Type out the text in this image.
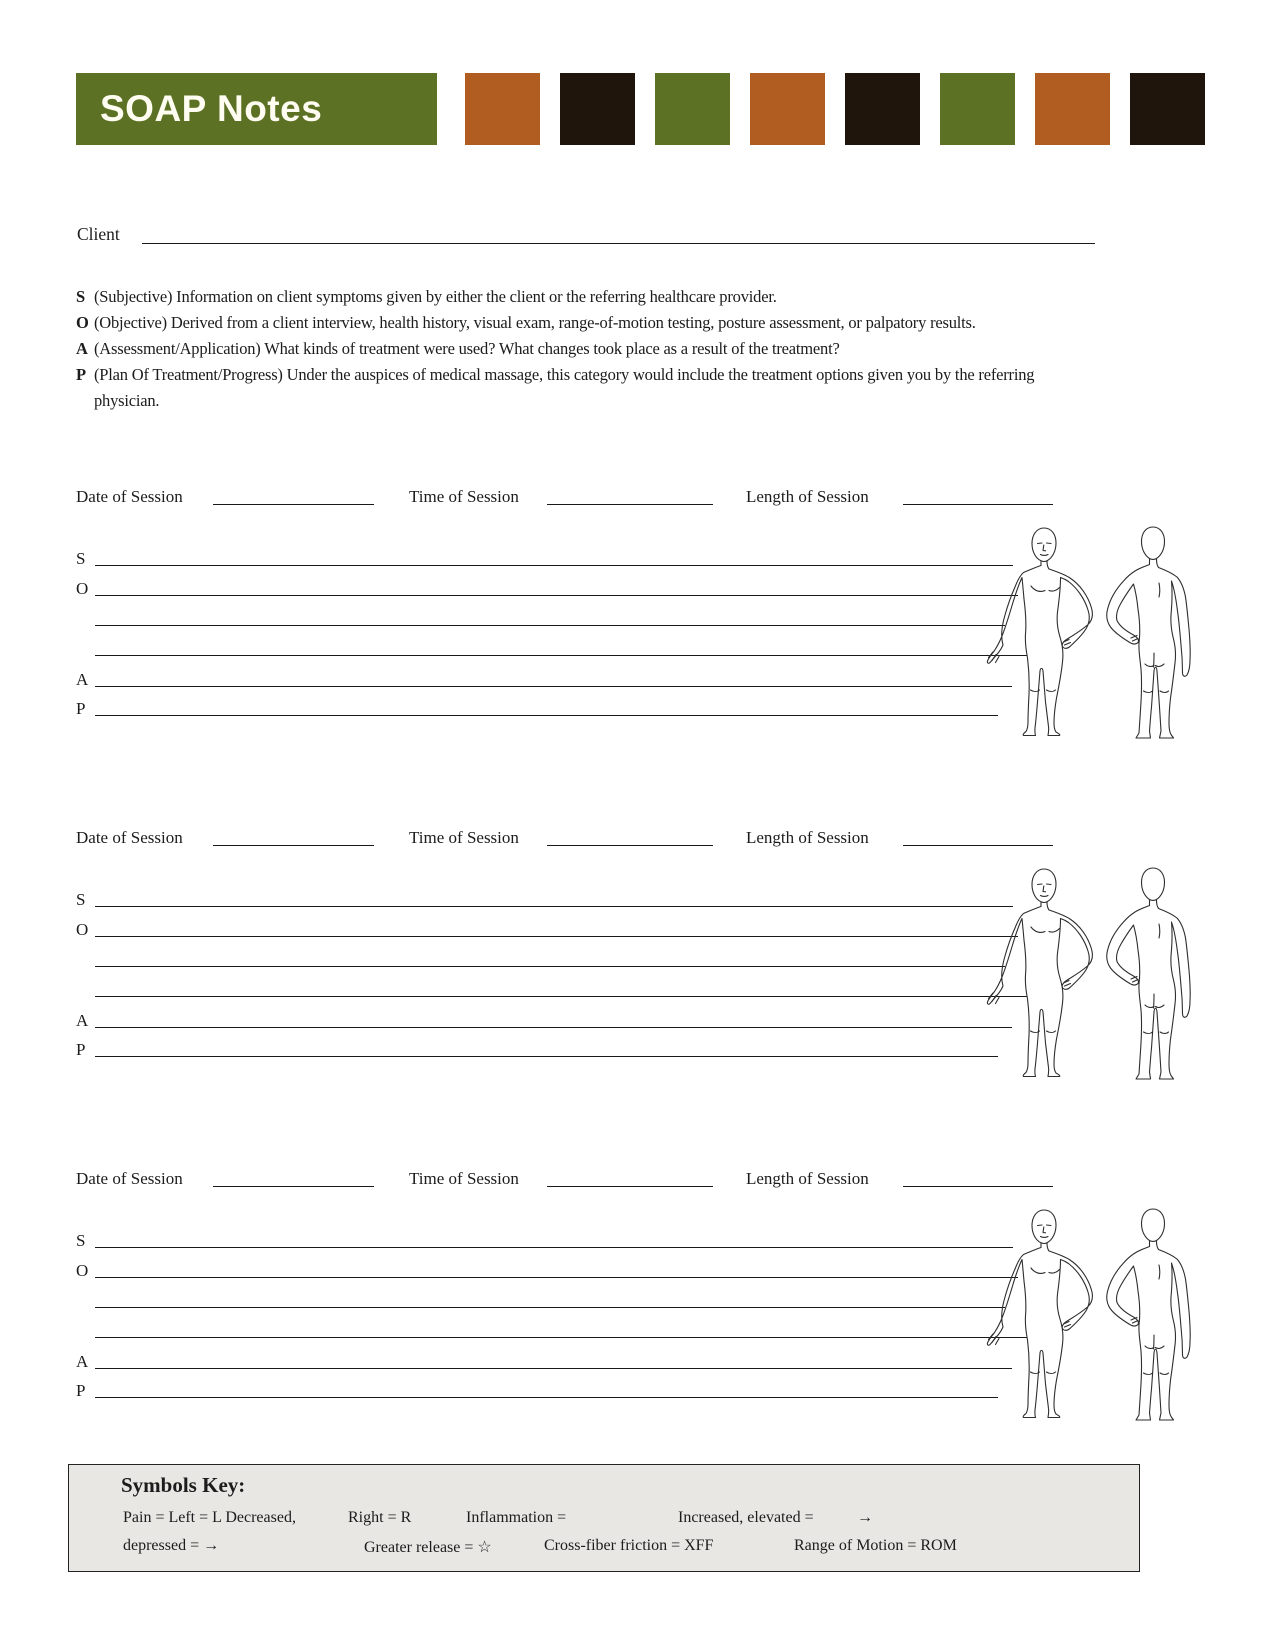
SOAP Notes
Client
S (Subjective) Information on client symptoms given by either the client or the referring healthcare provider.
O (Objective) Derived from a client interview, health history, visual exam, range-of-motion testing, posture assessment, or palpatory results.
A (Assessment/Application) What kinds of treatment were used? What changes took place as a result of the treatment?
P (Plan Of Treatment/Progress) Under the auspices of medical massage, this category would include the treatment options given you by the referring physician.
Date of Session	Time of Session	Length of Session
S
O
A
P
Date of Session	Time of Session	Length of Session
S
O
A
P
Date of Session	Time of Session	Length of Session
S
O
A
P
Symbols Key:
Pain = Left = L Decreased,	Right = R	Inflammation =	Increased, elevated =	→
depressed = →	Greater release = ☆	Cross-fiber friction = XFF	Range of Motion = ROM
